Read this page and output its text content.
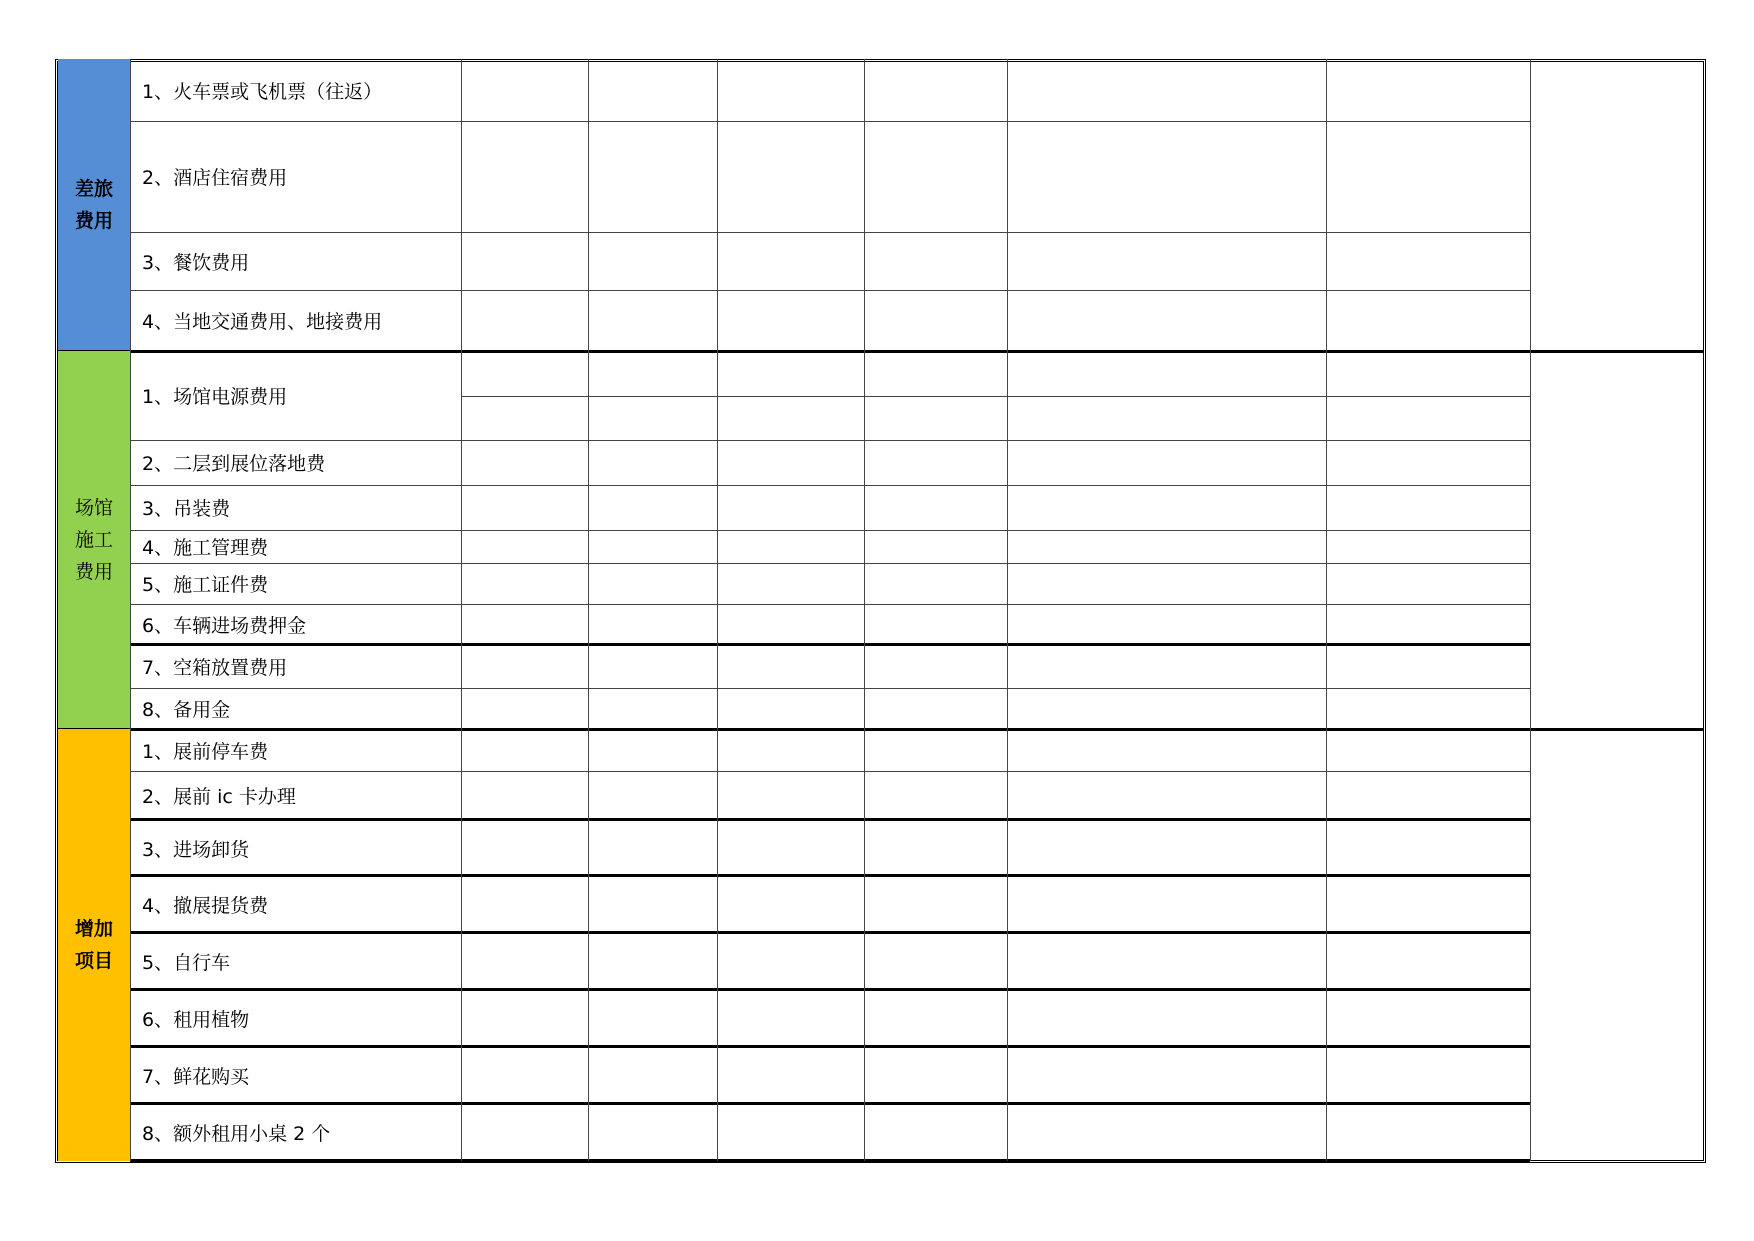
差旅
费用
1、火车票或飞机票（往返）
2、酒店住宿费用
3、餐饮费用
4、当地交通费用、地接费用
场馆
施工
费用
1、场馆电源费用
2、二层到展位落地费
3、吊装费
4、施工管理费
5、施工证件费
6、车辆进场费押金
7、空箱放置费用
8、备用金
增加
项目
1、展前停车费
2、展前 ic 卡办理
3、进场卸货
4、撤展提货费
5、自行车
6、租用植物
7、鲜花购买
8、额外租用小桌 2 个
